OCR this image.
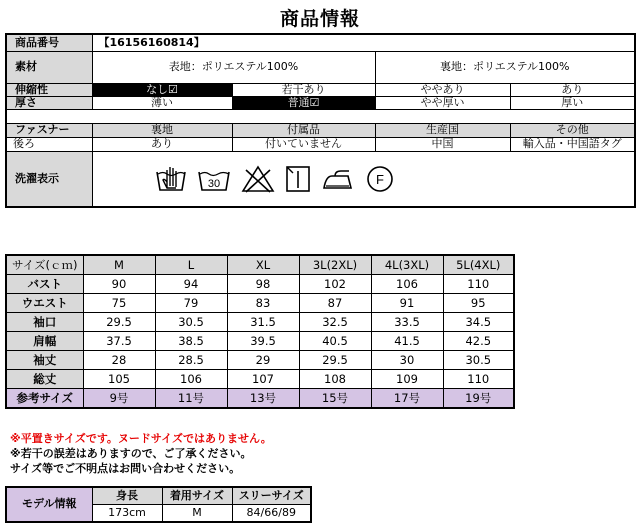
商品情報
商品番号	【16156160814】			
素材	表地：ポリエステル100%		裏地：ポリエステル100%	
伸縮性	なし☑	若干あり	ややあり	あり
厚さ	薄い	普通☑	やや厚い	厚い

ファスナー	裏地	付属品	生産国	その他
後ろ	あり	付いていません	中国	輸入品・中国語タグ
洗濯表示	30 F			
サイズ(ｃｍ)	M	L	XL	3L(2XL)	4L(3XL)	5L(4XL)
バスト	90	94	98	102	106	110
ウエスト	75	79	83	87	91	95
袖口	29.5	30.5	31.5	32.5	33.5	34.5
肩幅	37.5	38.5	39.5	40.5	41.5	42.5
袖丈	28	28.5	29	29.5	30	30.5
総丈	105	106	107	108	109	110
参考サイズ	9号	11号	13号	15号	17号	19号
※平置きサイズです。ヌードサイズではありません。
※若干の誤差はありますので、ご了承ください。
サイズ等でご不明点はお問い合わせください。
モデル情報	身長	着用サイズ	スリーサイズ
	173cm	M	84/66/89
